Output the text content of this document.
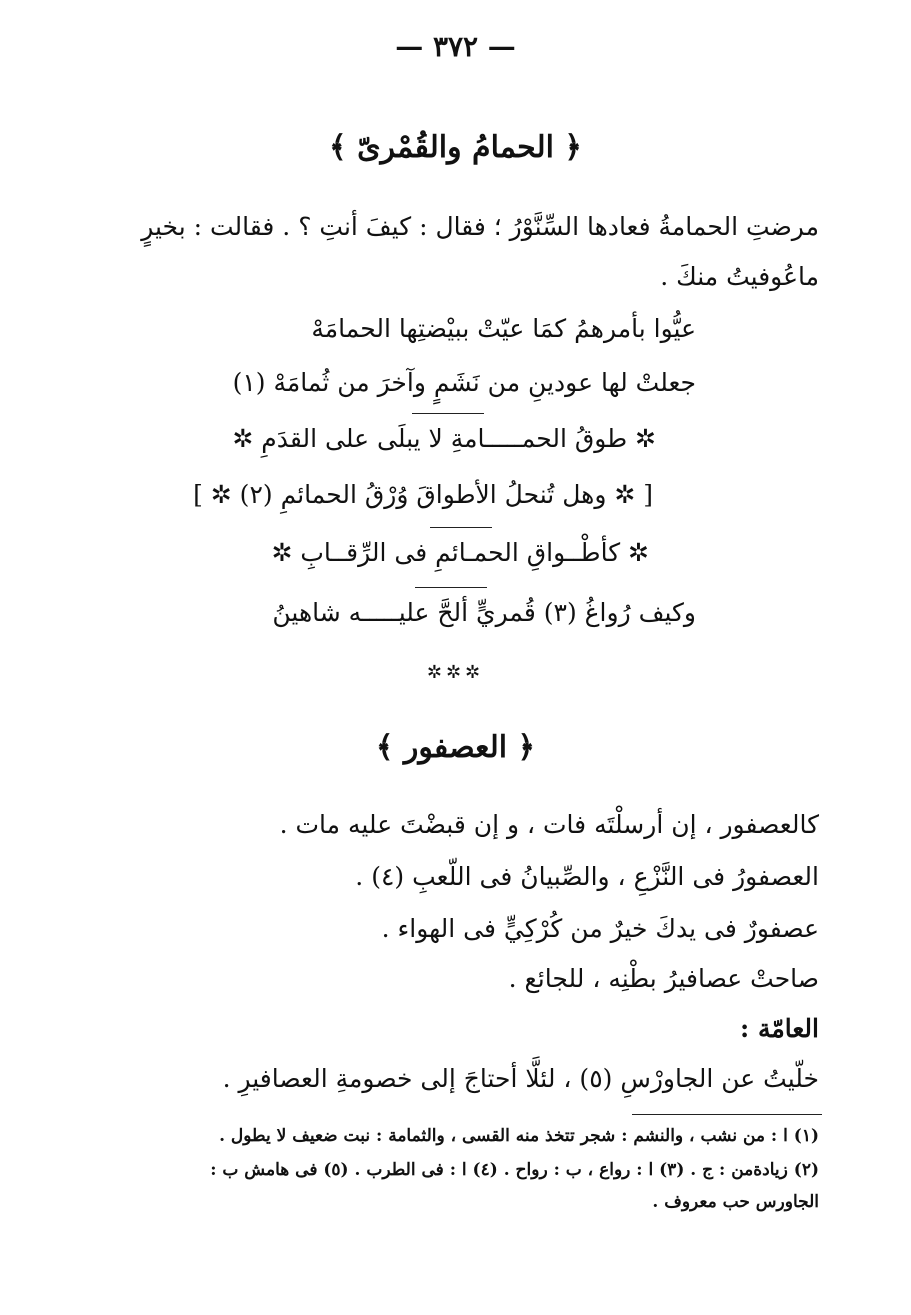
— ٣٧٢ —
﴿ الحمامُ والقُمْرىّ ﴾
مرضتِ الحمامةُ فعادها السِّنَّوْرُ ؛ فقال : كيفَ أنتِ ؟ . فقالت : بخيرٍ
ماعُوفيتُ منكَ .
عيُّوا بأمرهمُ كمَا عيّتْ ببيْضتِها الحمامَهْ
جعلتْ لها عودينِ من نَشَمٍ وآخرَ من ثُمامَهْ (١)
✲ طوقُ الحمـــــامةِ لا يبلَى على القدَمِ ✲
[ ✲ وهل تُنحلُ الأطواقَ وُرْقُ الحمائمِ (٢) ✲ ]
✲ كأطْــواقِ الحمـائمِ فى الرِّقــابِ ✲
وكيف رُواغُ (٣) قُمريٍّ ألحَّ عليـــــه شاهينُ
✲✲✲
﴿ العصفور ﴾
كالعصفور ، إن أرسلْتَه فات ، و إن قبضْتَ عليه مات .
العصفورُ فى النَّزْعِ ، والصِّبيانُ فى اللّعبِ (٤) .
عصفورٌ فى يدكَ خيرٌ من كُرْكِيٍّ فى الهواء .
صاحتْ عصافيرُ بطْنِه ، للجائع .
العامّة :
خلّيتُ عن الجاورْسِ (٥) ، لئلَّا أحتاجَ إلى خصومةِ العصافيرِ .
(١) ا : من نشب ، والنشم : شجر تتخذ منه القسى ، والثمامة : نبت ضعيف لا يطول .
(٢) زيادةمن : ج . (٣) ا : رواع ، ب : رواح . (٤) ا : فى الطرب . (٥) فى هامش ب :
الجاورس حب معروف .
